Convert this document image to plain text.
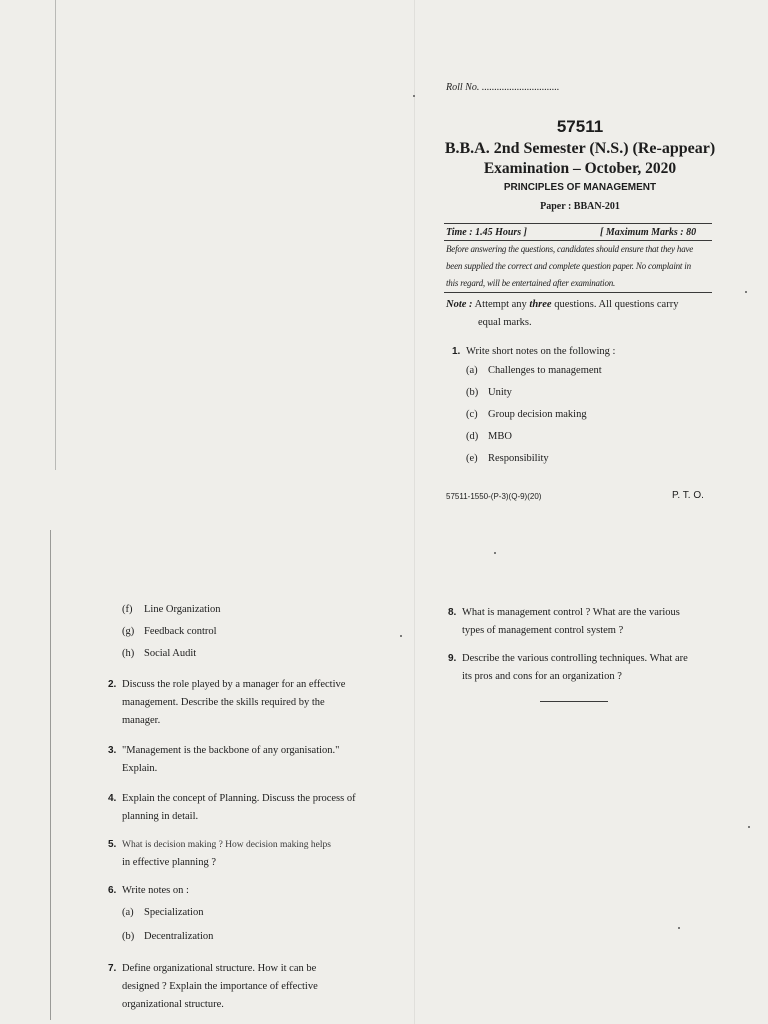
Roll No. ...............................
57511
B.B.A. 2nd Semester (N.S.) (Re-appear)
Examination – October, 2020
PRINCIPLES OF MANAGEMENT
Paper : BBAN-201
Time : 1.45 Hours ]	[ Maximum Marks : 80
Before answering the questions, candidates should ensure that they have
been supplied the correct and complete question paper. No complaint in
this regard, will be entertained after examination.
Note : Attempt any three questions. All questions carry
equal marks.
1. Write short notes on the following :
(a) Challenges to management
(b) Unity
(c) Group decision making
(d) MBO
(e) Responsibility
57511-1550-(P-3)(Q-9)(20)	P. T. O.
(f) Line Organization
(g) Feedback control
(h) Social Audit
2. Discuss the role played by a manager for an effective
management. Describe the skills required by the
manager.
3. "Management is the backbone of any organisation."
Explain.
4. Explain the concept of Planning. Discuss the process of
planning in detail.
5. What is decision making ? How decision making helps
in effective planning ?
6. Write notes on :
(a) Specialization
(b) Decentralization
7. Define organizational structure. How it can be
designed ? Explain the importance of effective
organizational structure.
8. What is management control ? What are the various
types of management control system ?
9. Describe the various controlling techniques. What are
its pros and cons for an organization ?
